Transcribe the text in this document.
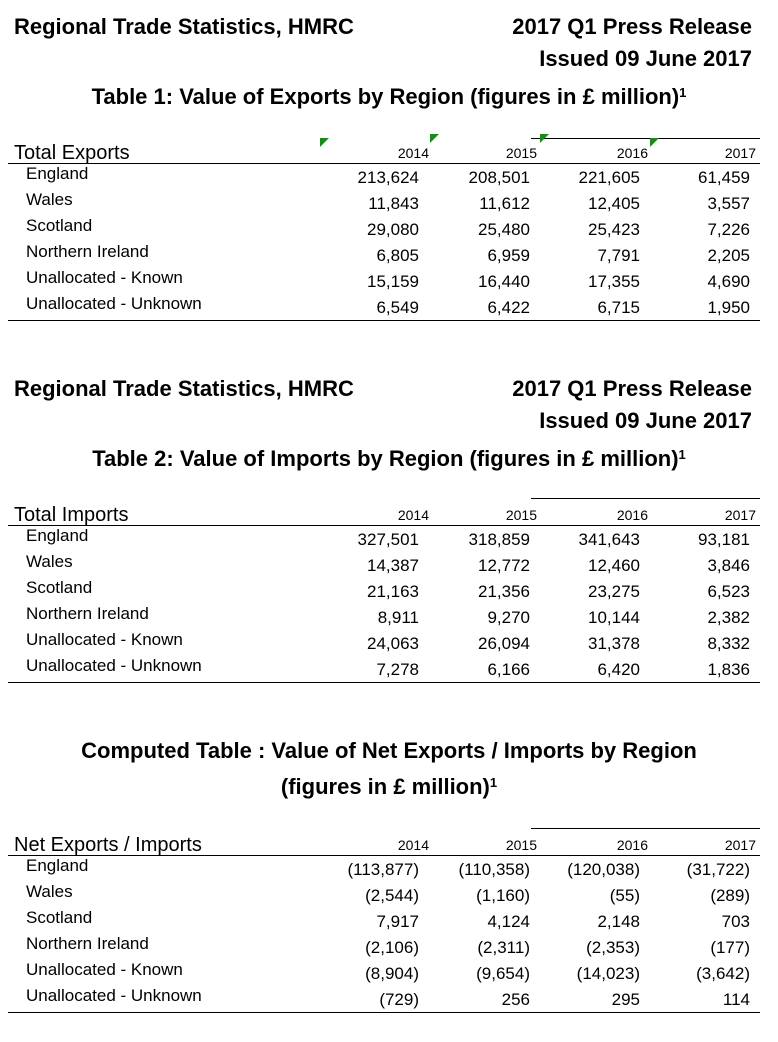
Regional Trade Statistics, HMRC	2017 Q1 Press Release
Issued 09 June 2017
Table 1: Value of Exports by Region (figures in £ million)$^1$
Total Exports	2014	2015	2016	2017
England	213,624	208,501	221,605	61,459
Wales	11,843	11,612	12,405	3,557
Scotland	29,080	25,480	25,423	7,226
Northern Ireland	6,805	6,959	7,791	2,205
Unallocated - Known	15,159	16,440	17,355	4,690
Unallocated - Unknown	6,549	6,422	6,715	1,950
Regional Trade Statistics, HMRC	2017 Q1 Press Release
Issued 09 June 2017
Table 2: Value of Imports by Region (figures in £ million)$^1$
Total Imports	2014	2015	2016	2017
England	327,501	318,859	341,643	93,181
Wales	14,387	12,772	12,460	3,846
Scotland	21,163	21,356	23,275	6,523
Northern Ireland	8,911	9,270	10,144	2,382
Unallocated - Known	24,063	26,094	31,378	8,332
Unallocated - Unknown	7,278	6,166	6,420	1,836
Computed Table : Value of Net Exports / Imports by Region
(figures in £ million)$^1$
Net Exports / Imports	2014	2015	2016	2017
England	(113,877)	(110,358)	(120,038)	(31,722)
Wales	(2,544)	(1,160)	(55)	(289)
Scotland	7,917	4,124	2,148	703
Northern Ireland	(2,106)	(2,311)	(2,353)	(177)
Unallocated - Known	(8,904)	(9,654)	(14,023)	(3,642)
Unallocated - Unknown	(729)	256	295	114
